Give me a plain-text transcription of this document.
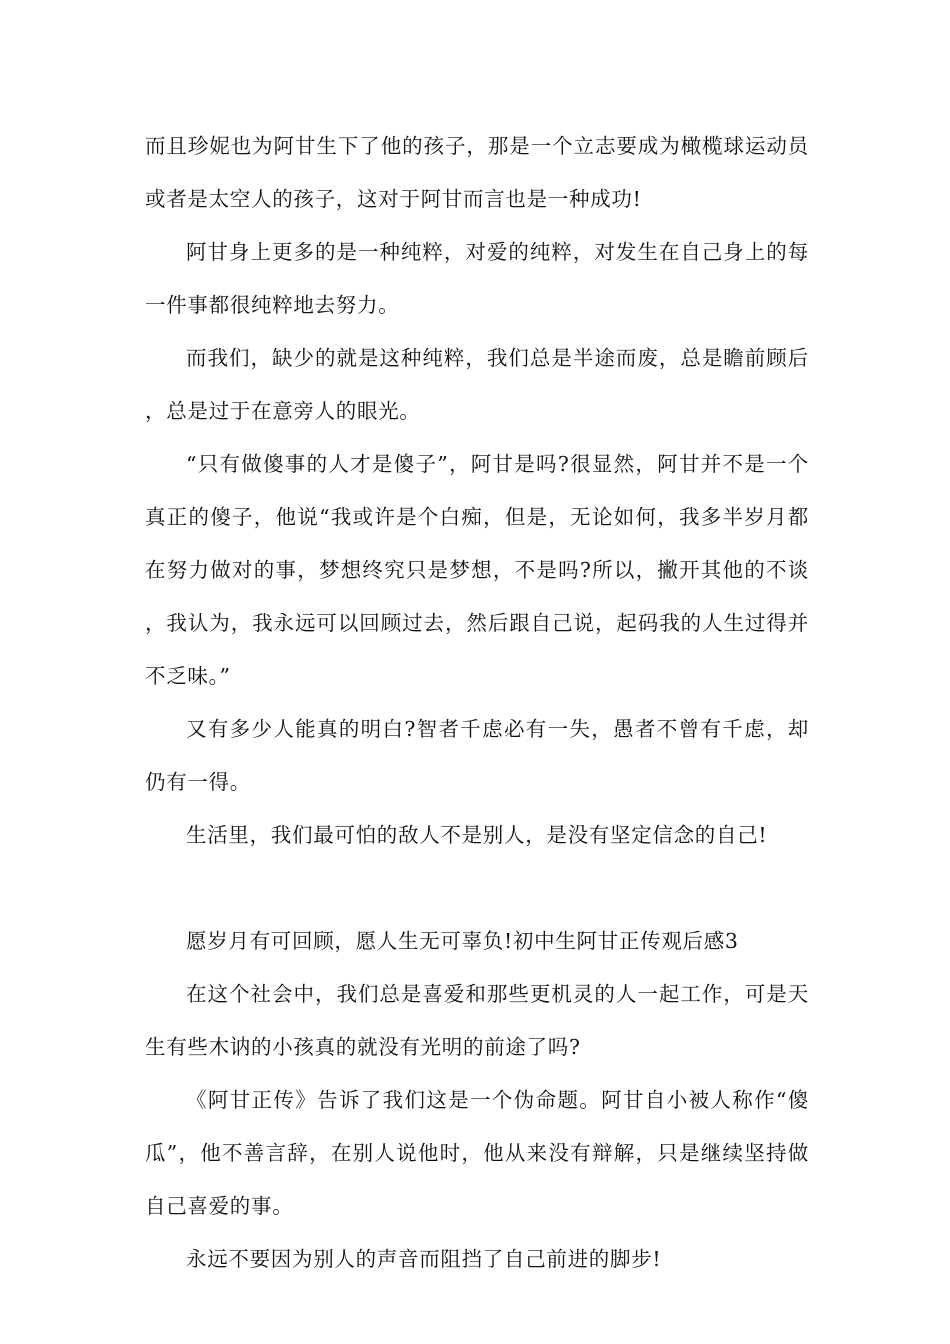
而且珍妮也为阿甘生下了他的孩子，那是一个立志要成为橄榄球运动员或者是太空人的孩子，这对于阿甘而言也是一种成功!

阿甘身上更多的是一种纯粹，对爱的纯粹，对发生在自己身上的每一件事都很纯粹地去努力。

而我们，缺少的就是这种纯粹，我们总是半途而废，总是瞻前顾后，总是过于在意旁人的眼光。

“只有做傻事的人才是傻子”，阿甘是吗?很显然，阿甘并不是一个真正的傻子，他说“我或许是个白痴，但是，无论如何，我多半岁月都在努力做对的事，梦想终究只是梦想，不是吗?所以，撇开其他的不谈，我认为，我永远可以回顾过去，然后跟自己说，起码我的人生过得并不乏味。”

又有多少人能真的明白?智者千虑必有一失，愚者不曾有千虑，却仍有一得。

生活里，我们最可怕的敌人不是别人，是没有坚定信念的自己!

愿岁月有可回顾，愿人生无可辜负!初中生阿甘正传观后感3

在这个社会中，我们总是喜爱和那些更机灵的人一起工作，可是天生有些木讷的小孩真的就没有光明的前途了吗?

《阿甘正传》告诉了我们这是一个伪命题。阿甘自小被人称作“傻瓜”，他不善言辞，在别人说他时，他从来没有辩解，只是继续坚持做自己喜爱的事。

永远不要因为别人的声音而阻挡了自己前进的脚步!
